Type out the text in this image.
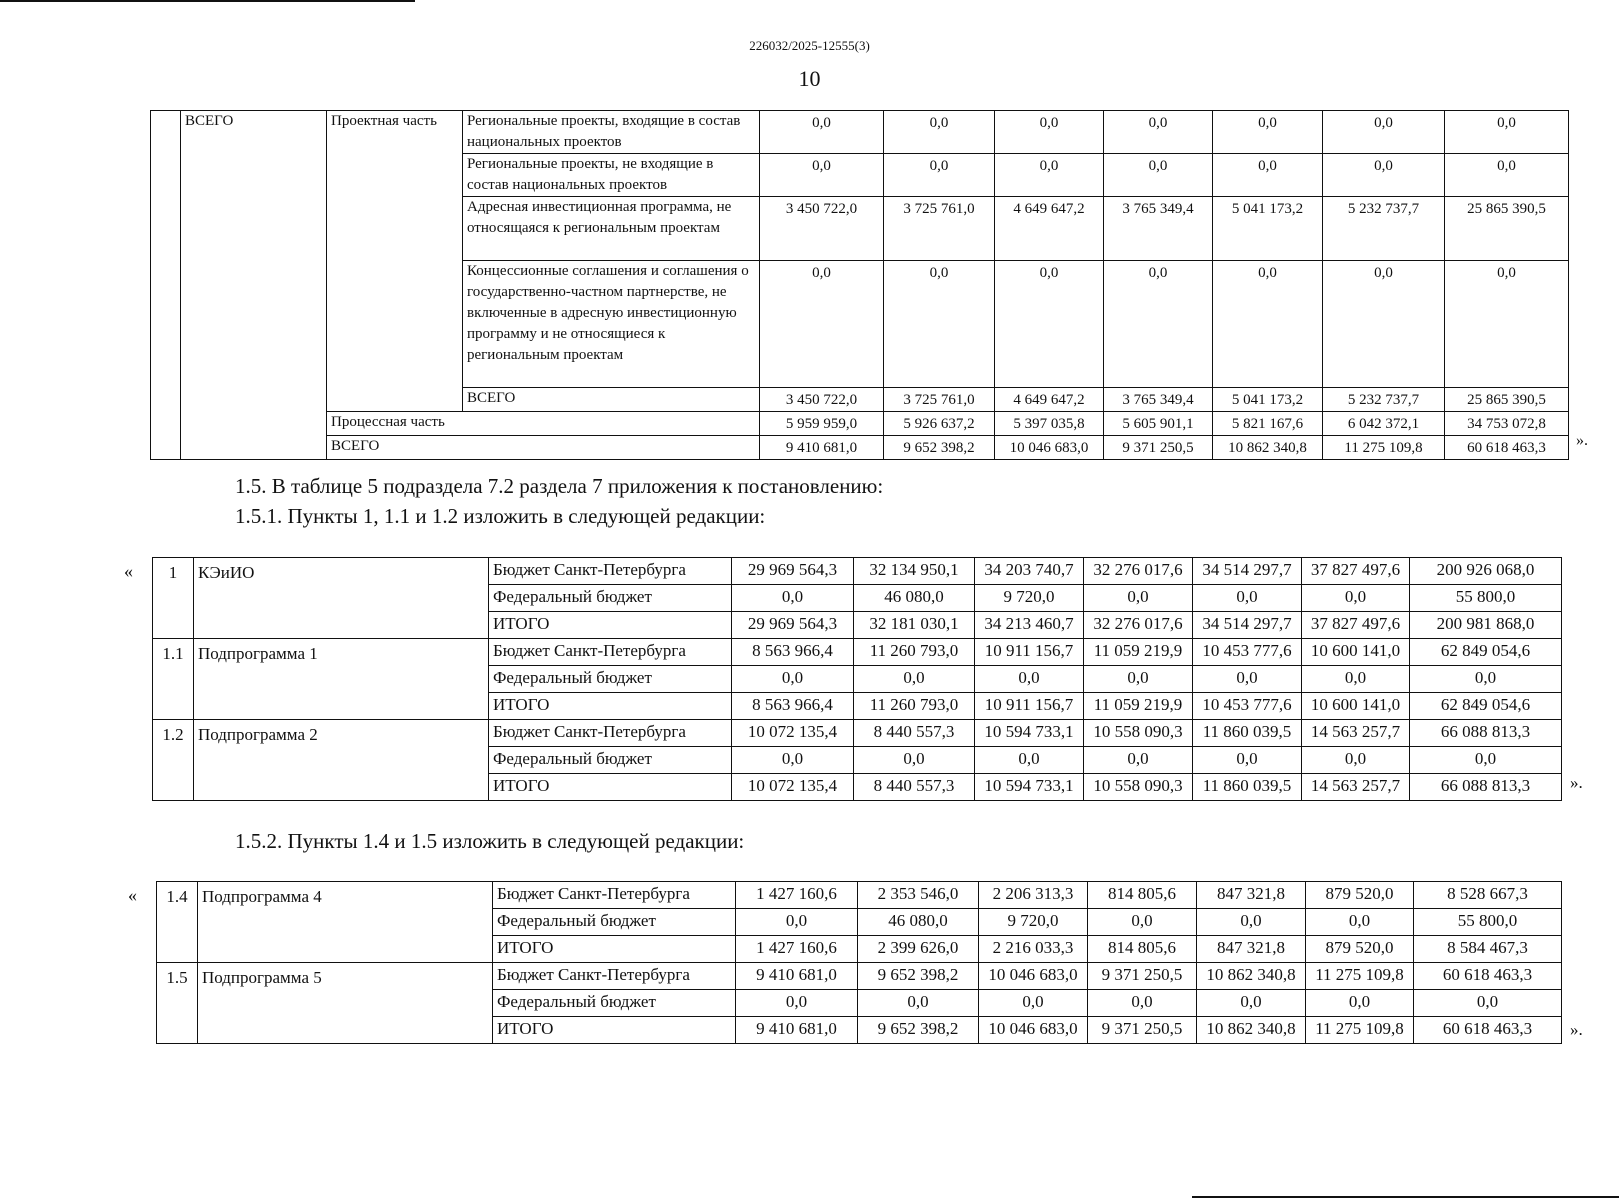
226032/2025-12555(3)
10
	ВСЕГО	Проектная часть	Региональные проекты, входящие в состав национальных проектов	0,0	0,0	0,0	0,0	0,0	0,0	0,0
			Региональные проекты, не входящие в состав национальных проектов	0,0	0,0	0,0	0,0	0,0	0,0	0,0
			Адресная инвестиционная программа, не относящаяся к региональным проектам	3 450 722,0	3 725 761,0	4 649 647,2	3 765 349,4	5 041 173,2	5 232 737,7	25 865 390,5
			Концессионные соглашения и соглашения о государственно-частном партнерстве, не включенные в адресную инвестиционную программу и не относящиеся к региональным проектам	0,0	0,0	0,0	0,0	0,0	0,0	0,0
			ВСЕГО	3 450 722,0	3 725 761,0	4 649 647,2	3 765 349,4	5 041 173,2	5 232 737,7	25 865 390,5
		Процессная часть		5 959 959,0	5 926 637,2	5 397 035,8	5 605 901,1	5 821 167,6	6 042 372,1	34 753 072,8
		ВСЕГО		9 410 681,0	9 652 398,2	10 046 683,0	9 371 250,5	10 862 340,8	11 275 109,8	60 618 463,3 ».
1.5. В таблице 5 подраздела 7.2 раздела 7 приложения к постановлению:
1.5.1. Пункты 1, 1.1 и 1.2 изложить в следующей редакции:
« 1	КЭиИО	Бюджет Санкт-Петербурга	29 969 564,3	32 134 950,1	34 203 740,7	32 276 017,6	34 514 297,7	37 827 497,6	200 926 068,0
		Федеральный бюджет	0,0	46 080,0	9 720,0	0,0	0,0	0,0	55 800,0
		ИТОГО	29 969 564,3	32 181 030,1	34 213 460,7	32 276 017,6	34 514 297,7	37 827 497,6	200 981 868,0
1.1	Подпрограмма 1	Бюджет Санкт-Петербурга	8 563 966,4	11 260 793,0	10 911 156,7	11 059 219,9	10 453 777,6	10 600 141,0	62 849 054,6
		Федеральный бюджет	0,0	0,0	0,0	0,0	0,0	0,0	0,0
		ИТОГО	8 563 966,4	11 260 793,0	10 911 156,7	11 059 219,9	10 453 777,6	10 600 141,0	62 849 054,6
1.2	Подпрограмма 2	Бюджет Санкт-Петербурга	10 072 135,4	8 440 557,3	10 594 733,1	10 558 090,3	11 860 039,5	14 563 257,7	66 088 813,3
		Федеральный бюджет	0,0	0,0	0,0	0,0	0,0	0,0	0,0
		ИТОГО	10 072 135,4	8 440 557,3	10 594 733,1	10 558 090,3	11 860 039,5	14 563 257,7	66 088 813,3 ».
1.5.2. Пункты 1.4 и 1.5 изложить в следующей редакции:
« 1.4	Подпрограмма 4	Бюджет Санкт-Петербурга	1 427 160,6	2 353 546,0	2 206 313,3	814 805,6	847 321,8	879 520,0	8 528 667,3
		Федеральный бюджет	0,0	46 080,0	9 720,0	0,0	0,0	0,0	55 800,0
		ИТОГО	1 427 160,6	2 399 626,0	2 216 033,3	814 805,6	847 321,8	879 520,0	8 584 467,3
1.5	Подпрограмма 5	Бюджет Санкт-Петербурга	9 410 681,0	9 652 398,2	10 046 683,0	9 371 250,5	10 862 340,8	11 275 109,8	60 618 463,3
		Федеральный бюджет	0,0	0,0	0,0	0,0	0,0	0,0	0,0
		ИТОГО	9 410 681,0	9 652 398,2	10 046 683,0	9 371 250,5	10 862 340,8	11 275 109,8	60 618 463,3 ».
